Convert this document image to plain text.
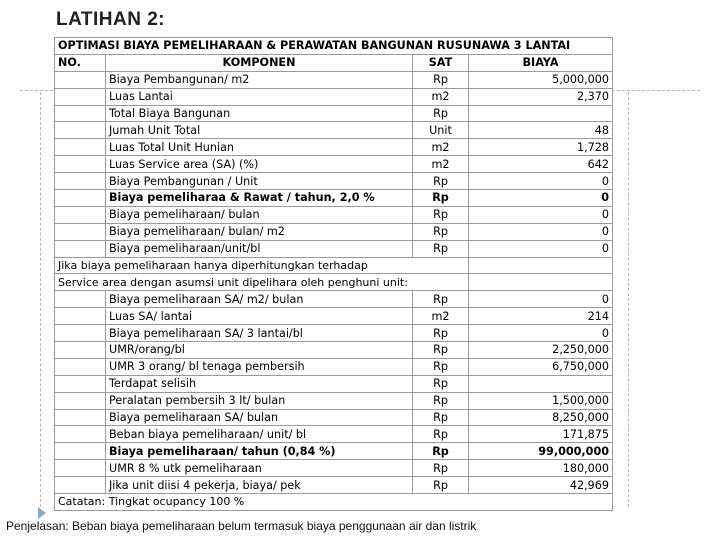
LATIHAN 2:
OPTIMASI BIAYA PEMELIHARAAN & PERAWATAN BANGUNAN RUSUNAWA 3 LANTAI			
NO.	KOMPONEN	SAT	BIAYA
	Biaya Pembangunan/ m2	Rp	5,000,000
	Luas Lantai	m2	2,370
	Total Biaya Bangunan	Rp	
	Jumah Unit Total	Unit	48
	Luas Total Unit Hunian	m2	1,728
	Luas Service area (SA) (%)	m2	642
	Biaya Pembangunan / Unit	Rp	0
	Biaya pemeliharaa & Rawat / tahun, 2,0 %	Rp	0
	Biaya pemeliharaan/ bulan	Rp	0
	Biaya pemeliharaan/ bulan/ m2	Rp	0
	Biaya pemeliharaan/unit/bl	Rp	0
Jika biaya pemeliharaan hanya diperhitungkan terhadap			
Service area dengan asumsi unit dipelihara oleh penghuni unit:			
	Biaya pemeliharaan SA/ m2/ bulan	Rp	0
	Luas SA/ lantai	m2	214
	Biaya pemeliharaan SA/ 3 lantai/bl	Rp	0
	UMR/orang/bl	Rp	2,250,000
	UMR 3 orang/ bl tenaga pembersih	Rp	6,750,000
	Terdapat selisih	Rp	
	Peralatan pembersih 3 lt/ bulan	Rp	1,500,000
	Biaya pemeliharaan SA/ bulan	Rp	8,250,000
	Beban biaya pemeliharaan/ unit/ bl	Rp	171,875
	Biaya pemeliharaan/ tahun (0,84 %)	Rp	99,000,000
	UMR 8 % utk pemeliharaan	Rp	180,000
	Jika unit diisi 4 pekerja, biaya/ pek	Rp	42,969
Catatan: Tingkat ocupancy 100 %			
Penjelasan: Beban biaya pemeliharaan belum termasuk biaya penggunaan air dan listrik
